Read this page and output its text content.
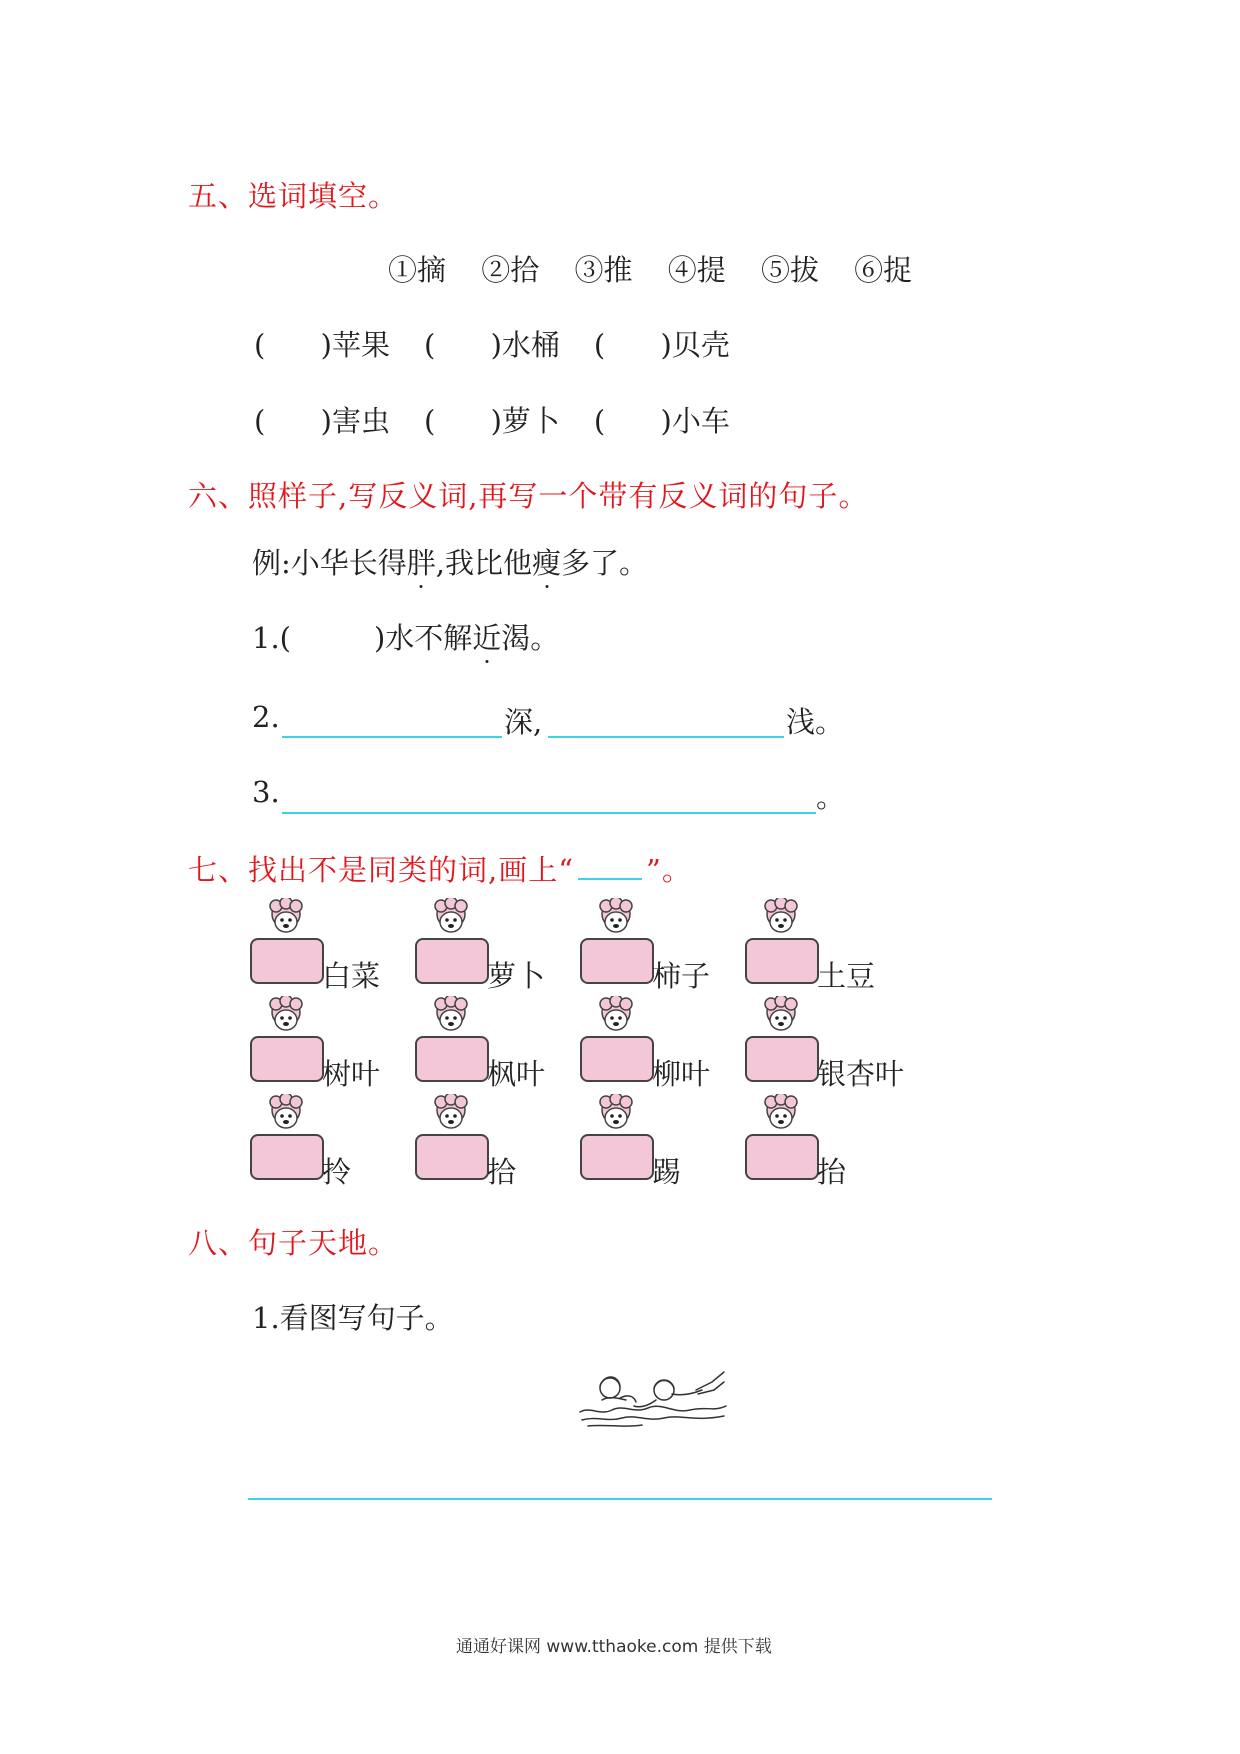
五、选词填空。
①摘 ②拾 ③推 ④提 ⑤拔 ⑥捉
(      )苹果 (      )水桶 (      )贝壳
(      )害虫 (      )萝卜 (      )小车
六、照样子,写反义词,再写一个带有反义词的句子。
例:小华长得胖,我比他瘦多了。
1.(         )水不解近渴。
2.	深,	浅。
3.	。
七、找出不是同类的词,画上“ ”。
白菜	萝卜	柿子	土豆
树叶	枫叶	柳叶	银杏叶
拎	拾	踢	抬
八、句子天地。
1.看图写句子。
通通好课网 www.tthaoke.com 提供下载
